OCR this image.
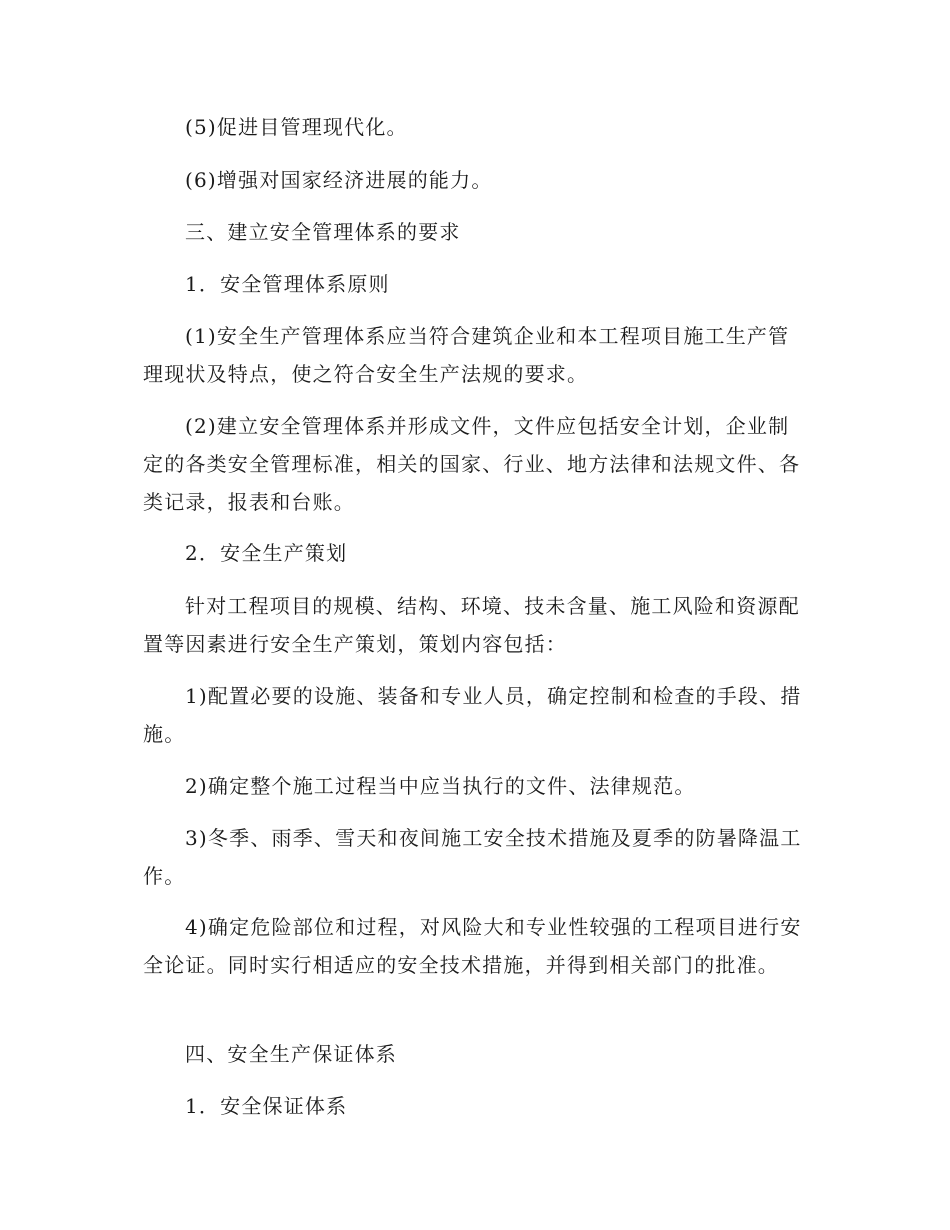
(5)促进目管理现代化。

(6)增强对国家经济进展的能力。

三、建立安全管理体系的要求

1．安全管理体系原则

(1)安全生产管理体系应当符合建筑企业和本工程项目施工生产管理现状及特点，使之符合安全生产法规的要求。

(2)建立安全管理体系并形成文件，文件应包括安全计划，企业制定的各类安全管理标准，相关的国家、行业、地方法律和法规文件、各类记录，报表和台账。

2．安全生产策划

针对工程项目的规模、结构、环境、技未含量、施工风险和资源配置等因素进行安全生产策划，策划内容包括：

1)配置必要的设施、装备和专业人员，确定控制和检查的手段、措施。

2)确定整个施工过程当中应当执行的文件、法律规范。

3)冬季、雨季、雪天和夜间施工安全技术措施及夏季的防暑降温工作。

4)确定危险部位和过程，对风险大和专业性较强的工程项目进行安全论证。同时实行相适应的安全技术措施，并得到相关部门的批准。

四、安全生产保证体系

1．安全保证体系
